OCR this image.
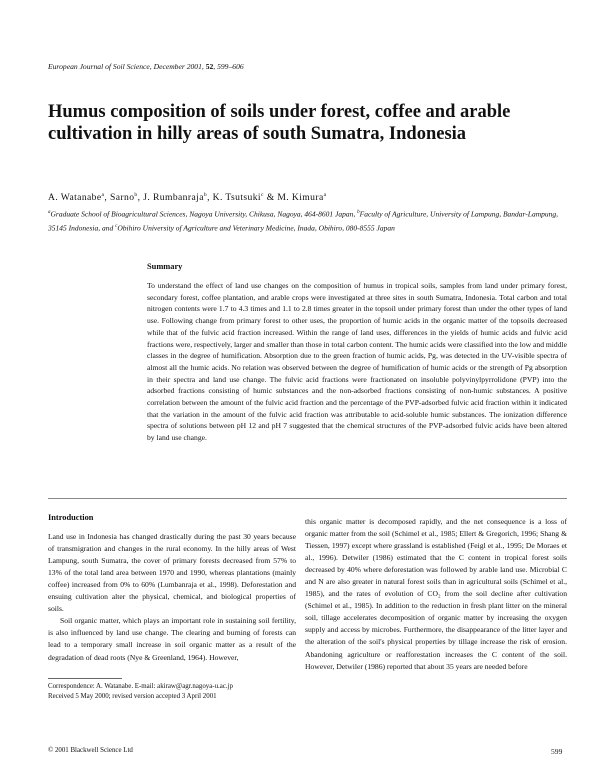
European Journal of Soil Science, December 2001, 52, 599–606
Humus composition of soils under forest, coffee and arable cultivation in hilly areas of south Sumatra, Indonesia
A. Watanabe$^a$, Sarno$^b$, J. Rumbanraja$^b$, K. Tsutsuki$^c$ & M. Kimura$^a$
$^a$Graduate School of Bioagricultural Sciences, Nagoya University, Chikusa, Nagoya, 464-8601 Japan, $^b$Faculty of Agriculture, University of Lampung, Bandar-Lampung, 35145 Indonesia, and $^c$Obihiro University of Agriculture and Veterinary Medicine, Inada, Obihiro, 080-8555 Japan
Summary
To understand the effect of land use changes on the composition of humus in tropical soils, samples from land under primary forest, secondary forest, coffee plantation, and arable crops were investigated at three sites in south Sumatra, Indonesia. Total carbon and total nitrogen contents were 1.7 to 4.3 times and 1.1 to 2.8 times greater in the topsoil under primary forest than under the other types of land use. Following change from primary forest to other uses, the proportion of humic acids in the organic matter of the topsoils decreased while that of the fulvic acid fraction increased. Within the range of land uses, differences in the yields of humic acids and fulvic acid fractions were, respectively, larger and smaller than those in total carbon content. The humic acids were classified into the low and middle classes in the degree of humification. Absorption due to the green fraction of humic acids, Pg, was detected in the UV-visible spectra of almost all the humic acids. No relation was observed between the degree of humification of humic acids or the strength of Pg absorption in their spectra and land use change. The fulvic acid fractions were fractionated on insoluble polyvinylpyrrolidone (PVP) into the adsorbed fractions consisting of humic substances and the non-adsorbed fractions consisting of non-humic substances. A positive correlation between the amount of the fulvic acid fraction and the percentage of the PVP-adsorbed fulvic acid fraction within it indicated that the variation in the amount of the fulvic acid fraction was attributable to acid-soluble humic substances. The ionization difference spectra of solutions between pH 12 and pH 7 suggested that the chemical structures of the PVP-adsorbed fulvic acids have been altered by land use change.

Introduction

Land use in Indonesia has changed drastically during the past 30 years because of transmigration and changes in the rural economy. In the hilly areas of West Lampung, south Sumatra, the cover of primary forests decreased from 57% to 13% of the total land area between 1970 and 1990, whereas plantations (mainly coffee) increased from 0% to 60% (Lumbanraja et al., 1998). Deforestation and ensuing cultivation alter the physical, chemical, and biological properties of soils.

Soil organic matter, which plays an important role in sustaining soil fertility, is also influenced by land use change. The clearing and burning of forests can lead to a temporary small increase in soil organic matter as a result of the degradation of dead roots (Nye & Greenland, 1964). However,

this organic matter is decomposed rapidly, and the net consequence is a loss of organic matter from the soil (Schimel et al., 1985; Ellert & Gregorich, 1996; Shang & Tiessen, 1997) except where grassland is established (Feigl et al., 1995; De Moraes et al., 1996). Detwiler (1986) estimated that the C content in tropical forest soils decreased by 40% where deforestation was followed by arable land use. Microbial C and N are also greater in natural forest soils than in agricultural soils (Schimel et al., 1985), and the rates of evolution of CO₂ from the soil decline after cultivation (Schimel et al., 1985). In addition to the reduction in fresh plant litter on the mineral soil, tillage accelerates decomposition of organic matter by increasing the oxygen supply and access by microbes. Furthermore, the disappearance of the litter layer and the alteration of the soil's physical properties by tillage increase the risk of erosion. Abandoning agriculture or reafforestation increases the C content of the soil. However, Detwiler (1986) reported that about 35 years are needed before

Correspondence: A. Watanabe. E-mail: akiraw@agr.nagoya-u.ac.jp
Received 5 May 2000; revised version accepted 3 April 2001
© 2001 Blackwell Science Ltd	599
